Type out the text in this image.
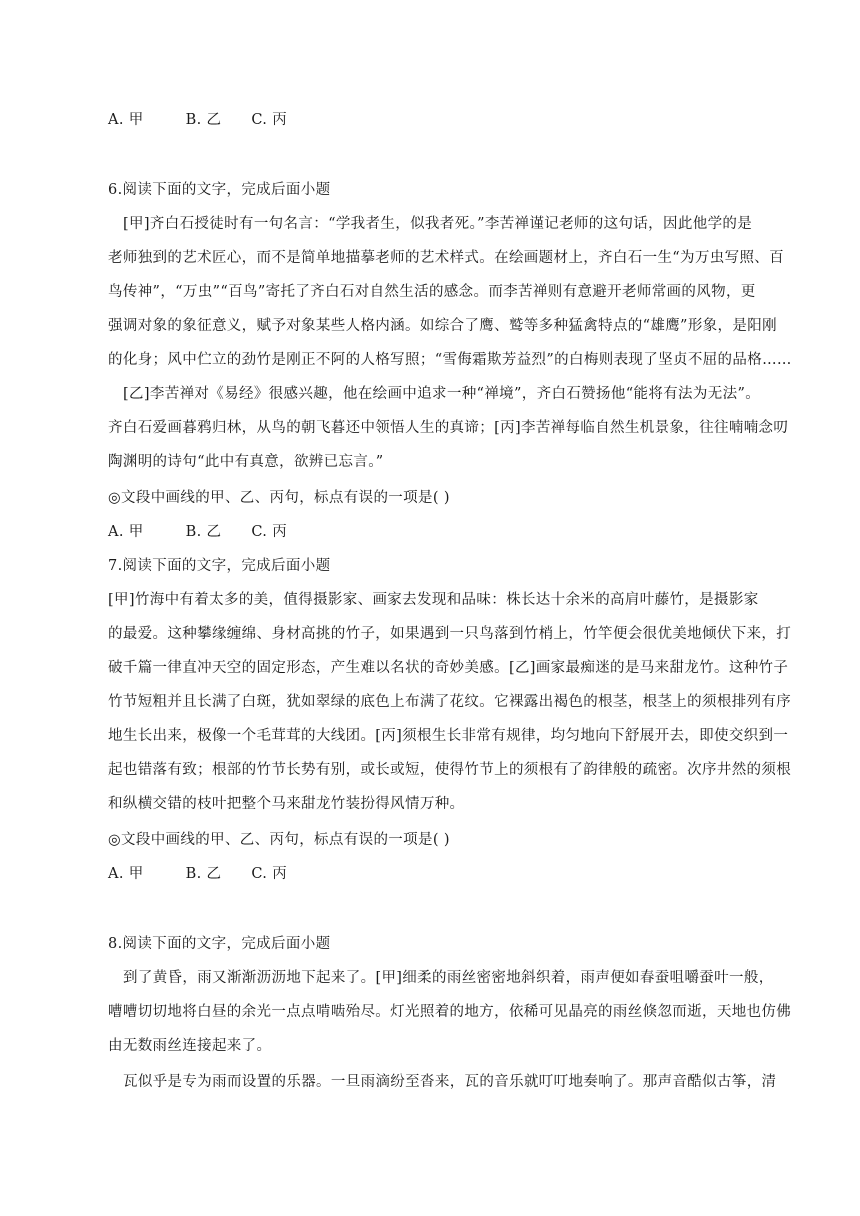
A. 甲	B. 乙 C. 丙
6.阅读下面的文字，完成后面小题
[甲]齐白石授徒时有一句名言：“学我者生，似我者死。”李苦禅谨记老师的这句话，因此他学的是
老师独到的艺术匠心，而不是简单地描摹老师的艺术样式。在绘画题材上，齐白石一生“为万虫写照、百
鸟传神”，“万虫”“百鸟”寄托了齐白石对自然生活的感念。而李苦禅则有意避开老师常画的风物，更
强调对象的象征意义，赋予对象某些人格内涵。如综合了鹰、鹫等多种猛禽特点的“雄鹰”形象，是阳刚
的化身；风中伫立的劲竹是刚正不阿的人格写照；“雪侮霜欺芳益烈”的白梅则表现了坚贞不屈的品格……
[乙]李苦禅对《易经》很感兴趣，他在绘画中追求一种“禅境”，齐白石赞扬他“能将有法为无法”。
齐白石爱画暮鸦归林，从鸟的朝飞暮还中领悟人生的真谛；[丙]李苦禅每临自然生机景象，往往喃喃念叨
陶渊明的诗句“此中有真意，欲辨已忘言。”
◎文段中画线的甲、乙、丙句，标点有误的一项是( )
A. 甲	B. 乙 C. 丙
7.阅读下面的文字，完成后面小题
[甲]竹海中有着太多的美，值得摄影家、画家去发现和品味：株长达十余米的高肩叶藤竹，是摄影家
的最爱。这种攀缘缠绵、身材高挑的竹子，如果遇到一只鸟落到竹梢上，竹竿便会很优美地倾伏下来，打
破千篇一律直冲天空的固定形态，产生难以名状的奇妙美感。[乙]画家最痴迷的是马来甜龙竹。这种竹子
竹节短粗并且长满了白斑，犹如翠绿的底色上布满了花纹。它裸露出褐色的根茎，根茎上的须根排列有序
地生长出来，极像一个毛茸茸的大线团。[丙]须根生长非常有规律，均匀地向下舒展开去，即使交织到一
起也错落有致；根部的竹节长势有别，或长或短，使得竹节上的须根有了韵律般的疏密。次序井然的须根
和纵横交错的枝叶把整个马来甜龙竹装扮得风情万种。
◎文段中画线的甲、乙、丙句，标点有误的一项是( )
A. 甲	B. 乙 C. 丙
8.阅读下面的文字，完成后面小题
到了黄昏，雨又渐渐沥沥地下起来了。[甲]细柔的雨丝密密地斜织着，雨声便如春蚕咀嚼蚕叶一般，
嘈嘈切切地将白昼的余光一点点啃啮殆尽。灯光照着的地方，依稀可见晶亮的雨丝倏忽而逝，天地也仿佛
由无数雨丝连接起来了。
瓦似乎是专为雨而设置的乐器。一旦雨滴纷至沓来，瓦的音乐就叮叮地奏响了。那声音酷似古筝，清
